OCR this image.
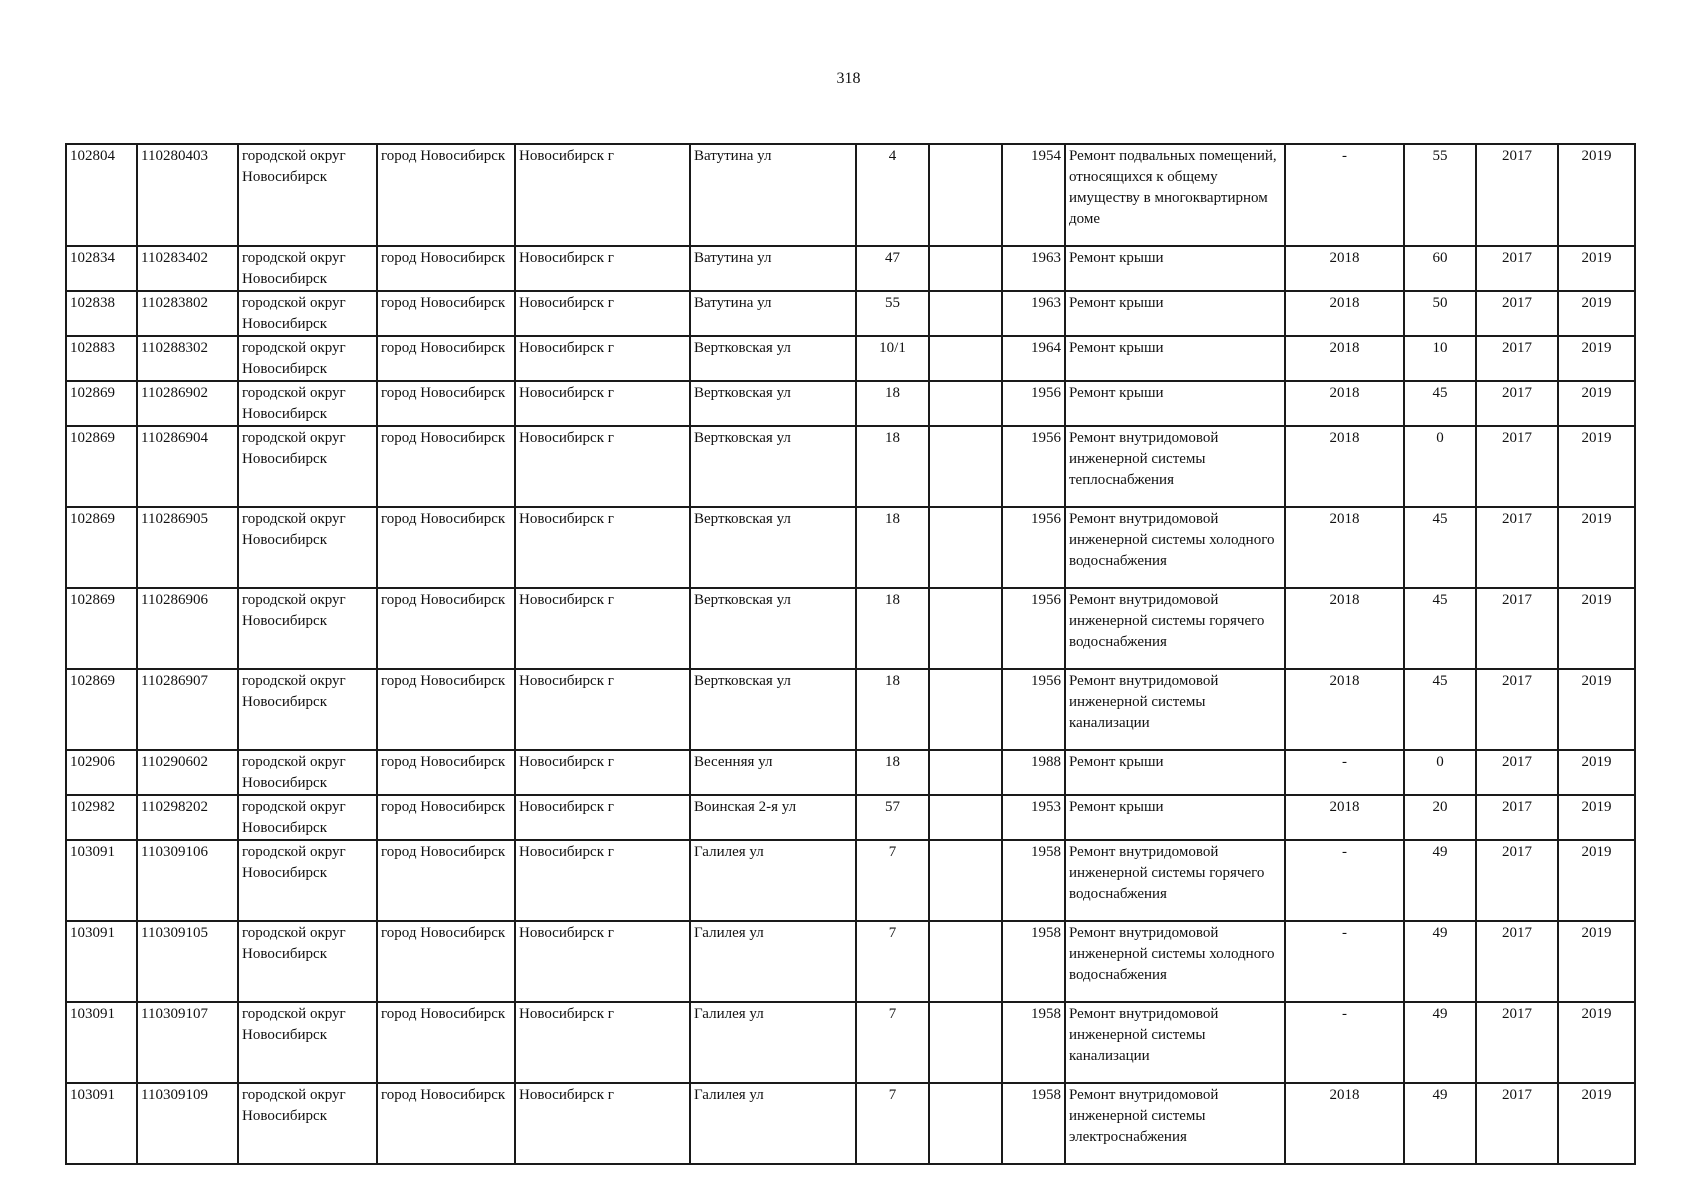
318
102804	110280403	городской округ Новосибирск	город Новосибирск	Новосибирск г	Ватутина ул	4		1954	Ремонт подвальных помещений, относящихся к общему имуществу в многоквартирном доме	-	55	2017	2019
102834	110283402	городской округ Новосибирск	город Новосибирск	Новосибирск г	Ватутина ул	47		1963	Ремонт крыши	2018	60	2017	2019
102838	110283802	городской округ Новосибирск	город Новосибирск	Новосибирск г	Ватутина ул	55		1963	Ремонт крыши	2018	50	2017	2019
102883	110288302	городской округ Новосибирск	город Новосибирск	Новосибирск г	Вертковская ул	10/1		1964	Ремонт крыши	2018	10	2017	2019
102869	110286902	городской округ Новосибирск	город Новосибирск	Новосибирск г	Вертковская ул	18		1956	Ремонт крыши	2018	45	2017	2019
102869	110286904	городской округ Новосибирск	город Новосибирск	Новосибирск г	Вертковская ул	18		1956	Ремонт внутридомовой инженерной системы теплоснабжения	2018	0	2017	2019
102869	110286905	городской округ Новосибирск	город Новосибирск	Новосибирск г	Вертковская ул	18		1956	Ремонт внутридомовой инженерной системы холодного водоснабжения	2018	45	2017	2019
102869	110286906	городской округ Новосибирск	город Новосибирск	Новосибирск г	Вертковская ул	18		1956	Ремонт внутридомовой инженерной системы горячего водоснабжения	2018	45	2017	2019
102869	110286907	городской округ Новосибирск	город Новосибирск	Новосибирск г	Вертковская ул	18		1956	Ремонт внутридомовой инженерной системы канализации	2018	45	2017	2019
102906	110290602	городской округ Новосибирск	город Новосибирск	Новосибирск г	Весенняя ул	18		1988	Ремонт крыши	-	0	2017	2019
102982	110298202	городской округ Новосибирск	город Новосибирск	Новосибирск г	Воинская 2-я ул	57		1953	Ремонт крыши	2018	20	2017	2019
103091	110309106	городской округ Новосибирск	город Новосибирск	Новосибирск г	Галилея ул	7		1958	Ремонт внутридомовой инженерной системы горячего водоснабжения	-	49	2017	2019
103091	110309105	городской округ Новосибирск	город Новосибирск	Новосибирск г	Галилея ул	7		1958	Ремонт внутридомовой инженерной системы холодного водоснабжения	-	49	2017	2019
103091	110309107	городской округ Новосибирск	город Новосибирск	Новосибирск г	Галилея ул	7		1958	Ремонт внутридомовой инженерной системы канализации	-	49	2017	2019
103091	110309109	городской округ Новосибирск	город Новосибирск	Новосибирск г	Галилея ул	7		1958	Ремонт внутридомовой инженерной системы электроснабжения	2018	49	2017	2019
